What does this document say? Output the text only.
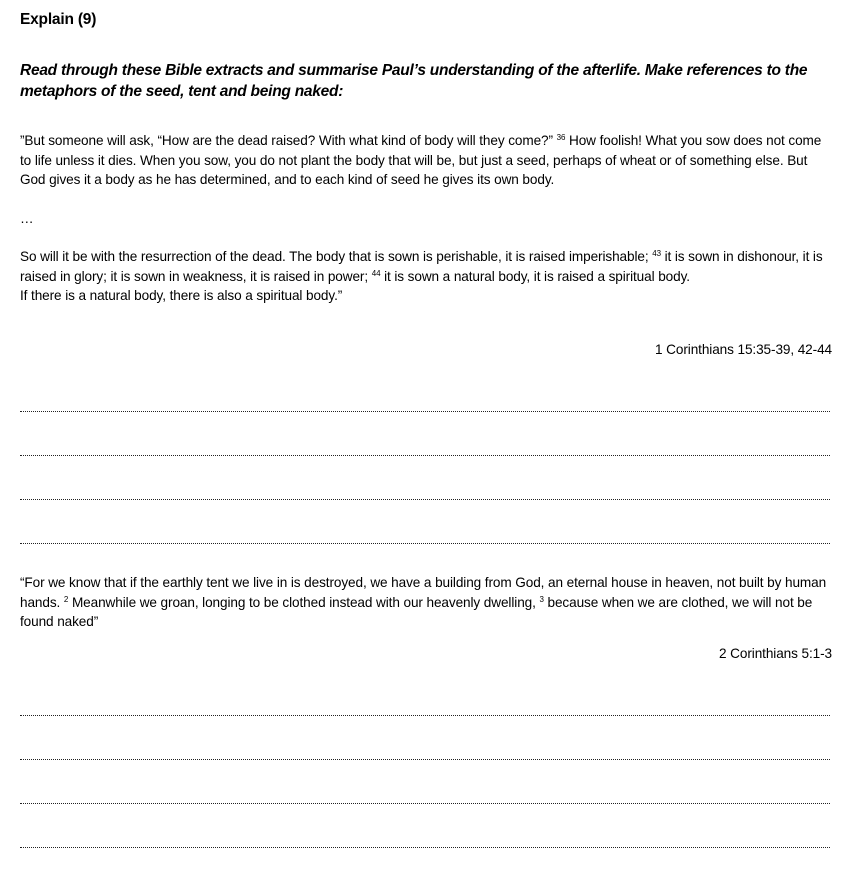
Explain (9)
Read through these Bible extracts and summarise Paul’s understanding of the afterlife. Make references to the metaphors of the seed, tent and being naked:

”But someone will ask, “How are the dead raised? With what kind of body will they come?” $^{36}$ How foolish! What you sow does not come to life unless it dies. When you sow, you do not plant the body that will be, but just a seed, perhaps of wheat or of something else. But God gives it a body as he has determined, and to each kind of seed he gives its own body.

…

So will it be with the resurrection of the dead. The body that is sown is perishable, it is raised imperishable; $^{43}$ it is sown in dishonour, it is raised in glory; it is sown in weakness, it is raised in power; $^{44}$ it is sown a natural body, it is raised a spiritual body.

If there is a natural body, there is also a spiritual body.”

1 Corinthians 15:35-39, 42-44

“For we know that if the earthly tent we live in is destroyed, we have a building from God, an eternal house in heaven, not built by human hands. $^2$ Meanwhile we groan, longing to be clothed instead with our heavenly dwelling, $^3$ because when we are clothed, we will not be found naked”

2 Corinthians 5:1-3
